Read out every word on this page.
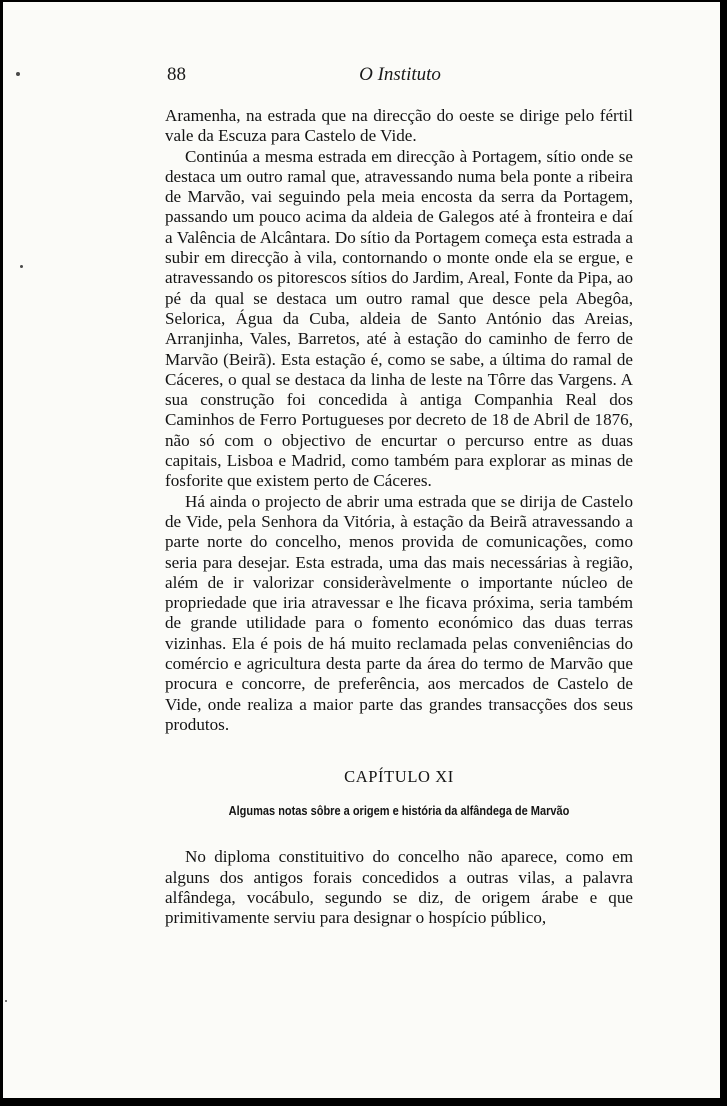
88	O Instituto

Aramenha, na estrada que na direcção do oeste se dirige pelo fértil vale da Escuza para Castelo de Vide.

Continúa a mesma estrada em direcção à Portagem, sítio onde se destaca um outro ramal que, atravessando numa bela ponte a ribeira de Marvão, vai seguindo pela meia encosta da serra da Portagem, passando um pouco acima da aldeia de Galegos até à fronteira e daí a Valência de Alcântara. Do sítio da Portagem começa esta estrada a subir em direcção à vila, contornando o monte onde ela se ergue, e atravessando os pitorescos sítios do Jardim, Areal, Fonte da Pipa, ao pé da qual se destaca um outro ramal que desce pela Abegôa, Selorica, Água da Cuba, aldeia de Santo António das Areias, Arranjinha, Vales, Barretos, até à estação do caminho de ferro de Marvão (Beirã). Esta estação é, como se sabe, a última do ramal de Cáceres, o qual se destaca da linha de leste na Tôrre das Vargens. A sua construção foi concedida à antiga Companhia Real dos Caminhos de Ferro Portugueses por decreto de 18 de Abril de 1876, não só com o objectivo de encurtar o percurso entre as duas capitais, Lisboa e Madrid, como também para explorar as minas de fosforite que existem perto de Cáceres.

Há ainda o projecto de abrir uma estrada que se dirija de Castelo de Vide, pela Senhora da Vitória, à estação da Beirã atravessando a parte norte do concelho, menos provida de comunicações, como seria para desejar. Esta estrada, uma das mais necessárias à região, além de ir valorizar consideràvelmente o importante núcleo de propriedade que iria atravessar e lhe ficava próxima, seria também de grande utilidade para o fomento económico das duas terras vizinhas. Ela é pois de há muito reclamada pelas conveniências do comércio e agricultura desta parte da área do termo de Marvão que procura e concorre, de preferência, aos mercados de Castelo de Vide, onde realiza a maior parte das grandes transacções dos seus produtos.

CAPÍTULO XI

Algumas notas sôbre a origem e história da alfândega de Marvão

No diploma constituitivo do concelho não aparece, como em alguns dos antigos forais concedidos a outras vilas, a palavra alfândega, vocábulo, segundo se diz, de origem árabe e que primitivamente serviu para designar o hospício público,
